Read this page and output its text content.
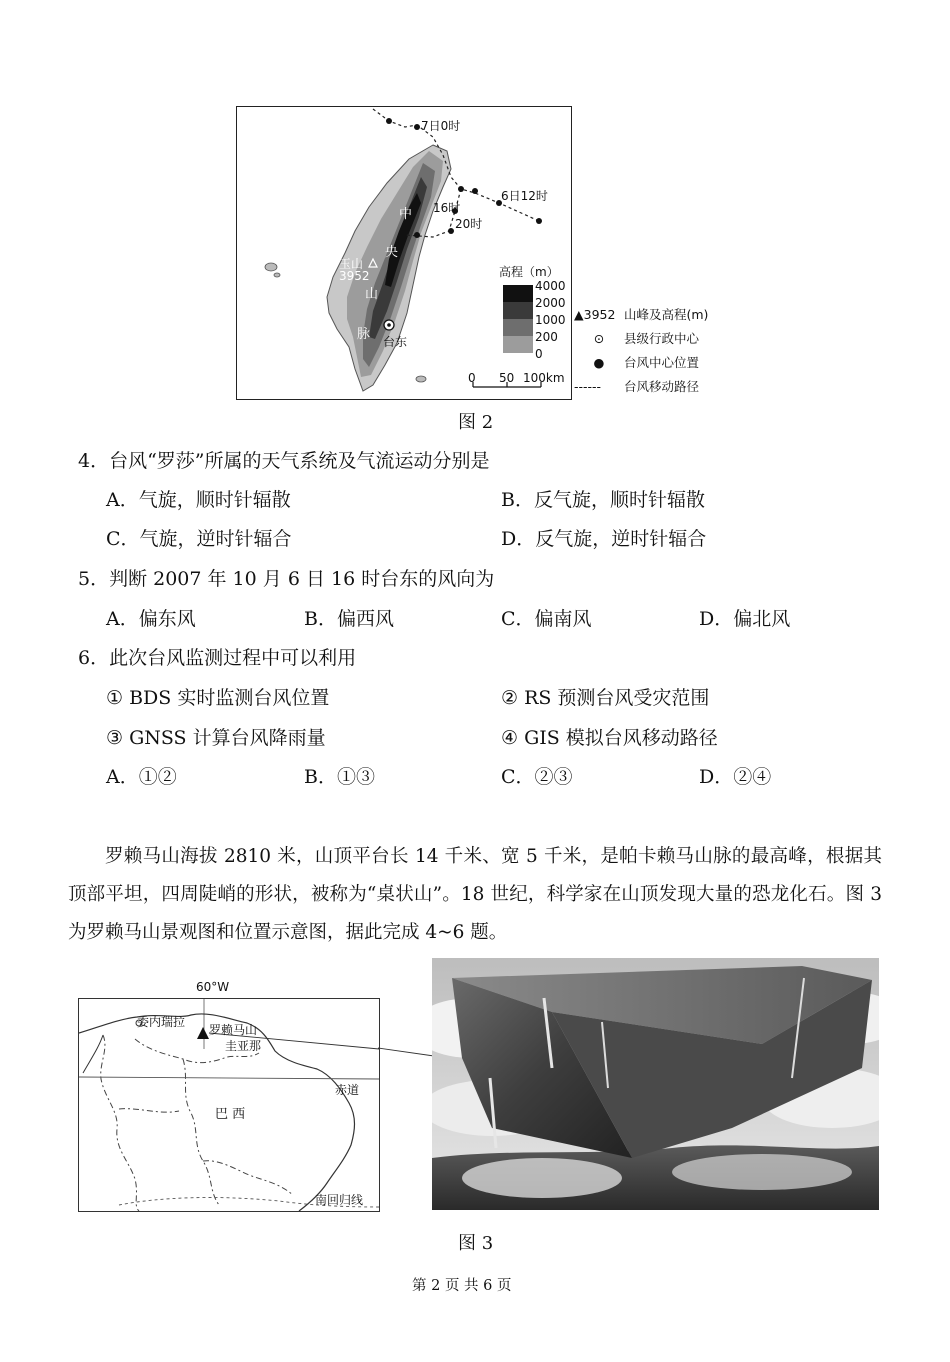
7日0时
6日12时
16时
20时
中
央
山
脉
玉山
3952
台东
高程（m）
4000
2000
1000
200
0
0 50 100km
▲3952 山峰及高程(m)
⊙ 县级行政中心
● 台风中心位置
------ 台风移动路径
图 2
4．台风“罗莎”所属的天气系统及气流运动分别是
A．气旋，顺时针辐散	B．反气旋，顺时针辐散
C．气旋，逆时针辐合	D．反气旋，逆时针辐合
5．判断 2007 年 10 月 6 日 16 时台东的风向为
A．偏东风	B．偏西风	C．偏南风	D．偏北风
6．此次台风监测过程中可以利用
① BDS 实时监测台风位置	② RS 预测台风受灾范围
③ GNSS 计算台风降雨量	④ GIS 模拟台风移动路径
A．①②	B．①③	C．②③	D．②④
罗赖马山海拔 2810 米，山顶平台长 14 千米、宽 5 千米，是帕卡赖马山脉的最高峰，根据其顶部平坦，四周陡峭的形状，被称为“桌状山”。18 世纪，科学家在山顶发现大量的恐龙化石。图 3 为罗赖马山景观图和位置示意图，据此完成 4~6 题。
60°W
委内瑞拉
罗赖马山
圭亚那
赤道
巴 西
南回归线
图 3
第 2 页 共 6 页
